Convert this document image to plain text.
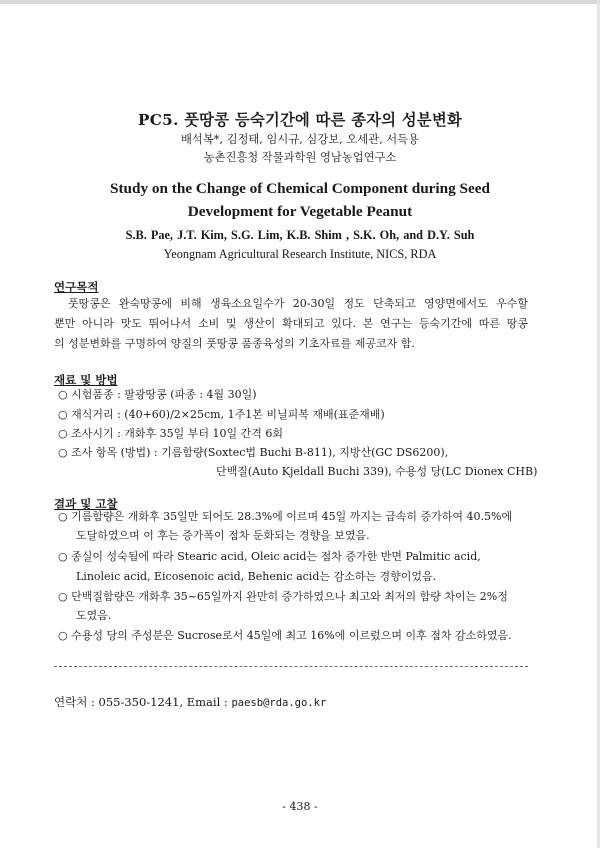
PC5. 풋땅콩 등숙기간에 따른 종자의 성분변화
배석복*, 김정태, 임시규, 심강보, 오세관, 서득용
농촌진흥청 작물과학원 영남농업연구소
Study on the Change of Chemical Component during Seed
Development for Vegetable Peanut
S.B. Pae, J.T. Kim, S.G. Lim, K.B. Shim , S.K. Oh, and D.Y. Suh
Yeongnam Agricultural Research Institute, NICS, RDA
연구목적
풋땅콩은 완숙땅콩에 비해 생육소요일수가 20-30일 정도 단축되고 영양면에서도 우수할
뿐만 아니라 맛도 뛰어나서 소비 및 생산이 확대되고 있다. 본 연구는 등숙기간에 따른 땅콩
의 성분변화를 구명하여 양질의 풋땅콩 품종육성의 기초자료를 제공코자 함.
재료 및 방법
○ 시험품종 : 팔광땅콩 (파종 : 4월 30일)
○ 재식거리 : (40+60)/2×25cm, 1주1본 비닐피복 재배(표준재배)
○ 조사시기 : 개화후 35일 부터 10일 간격 6회
○ 조사 항목 (방법) : 기름함량(Soxtec법 Buchi B-811), 지방산(GC DS6200),
단백질(Auto Kjeldall Buchi 339), 수용성 당(LC Dionex CHB)
결과 및 고찰
○ 기름함량은 개화후 35일만 되어도 28.3%에 이르며 45일 까지는 급속히 증가하여 40.5%에
도달하였으며 이 후는 증가폭이 점차 둔화되는 경향을 보였음.
○ 종실이 성숙됨에 따라 Stearic acid, Oleic acid는 점차 증가한 반면 Palmitic acid,
Linoleic acid, Eicosenoic acid, Behenic acid는 감소하는 경향이었음.
○ 단백질함량은 개화후 35~65일까지 완만히 증가하였으나 최고와 최저의 함량 차이는 2%정
도였음.
○ 수용성 당의 주성분은 Sucrose로서 45일에 최고 16%에 이르렀으며 이후 점차 감소하였음.
연락처 : 055-350-1241, Email : paesb@rda.go.kr
- 438 -
